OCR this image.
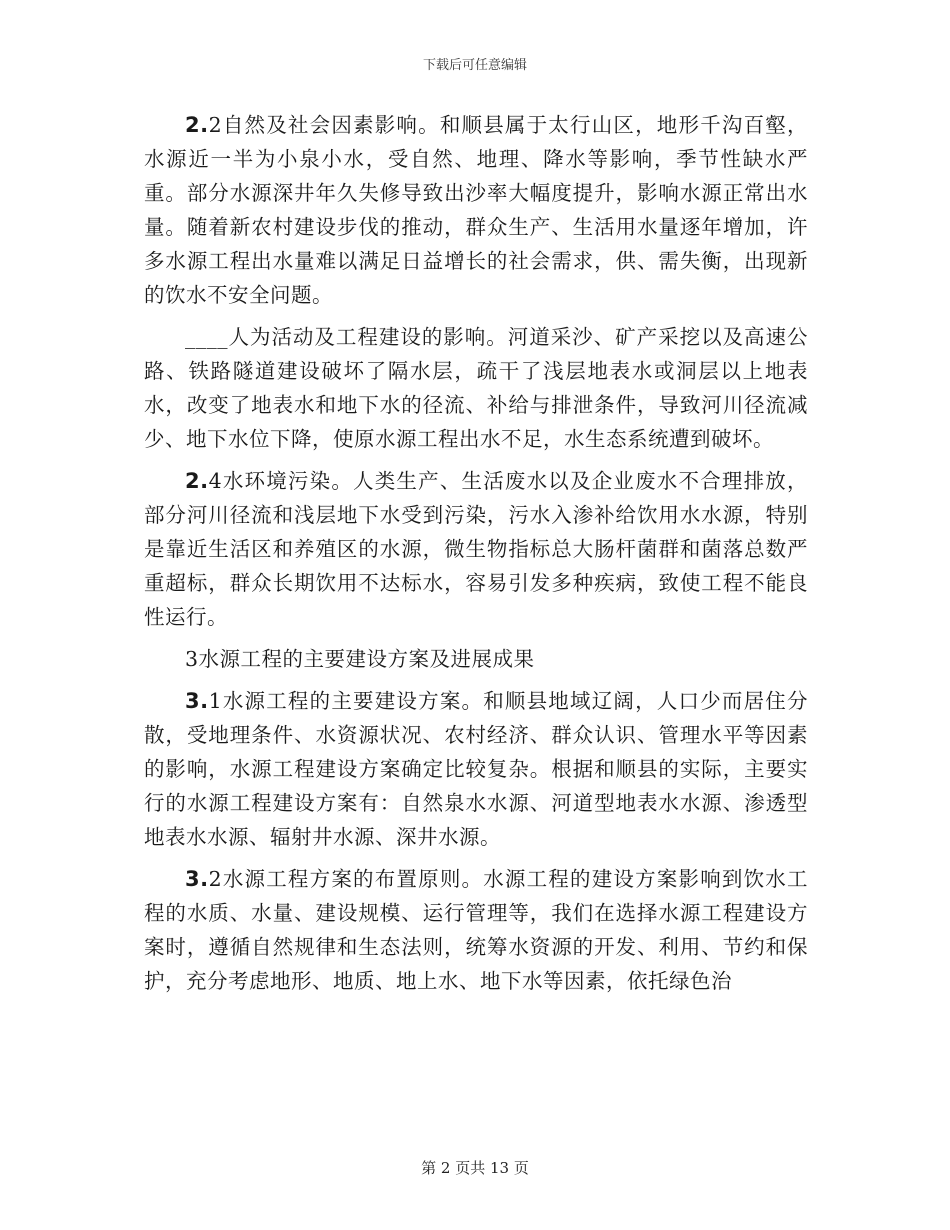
下载后可任意编辑

2.2自然及社会因素影响。和顺县属于太行山区，地形千沟百壑，水源近一半为小泉小水，受自然、地理、降水等影响，季节性缺水严重。部分水源深井年久失修导致出沙率大幅度提升，影响水源正常出水量。随着新农村建设步伐的推动，群众生产、生活用水量逐年增加，许多水源工程出水量难以满足日益增长的社会需求，供、需失衡，出现新的饮水不安全问题。

____人为活动及工程建设的影响。河道采沙、矿产采挖以及高速公路、铁路隧道建设破坏了隔水层，疏干了浅层地表水或洞层以上地表水，改变了地表水和地下水的径流、补给与排泄条件，导致河川径流减少、地下水位下降，使原水源工程出水不足，水生态系统遭到破坏。

2.4水环境污染。人类生产、生活废水以及企业废水不合理排放，部分河川径流和浅层地下水受到污染，污水入渗补给饮用水水源，特别是靠近生活区和养殖区的水源，微生物指标总大肠杆菌群和菌落总数严重超标，群众长期饮用不达标水，容易引发多种疾病，致使工程不能良性运行。

3水源工程的主要建设方案及进展成果

3.1水源工程的主要建设方案。和顺县地域辽阔，人口少而居住分散，受地理条件、水资源状况、农村经济、群众认识、管理水平等因素的影响，水源工程建设方案确定比较复杂。根据和顺县的实际，主要实行的水源工程建设方案有：自然泉水水源、河道型地表水水源、渗透型地表水水源、辐射井水源、深井水源。

3.2水源工程方案的布置原则。水源工程的建设方案影响到饮水工程的水质、水量、建设规模、运行管理等，我们在选择水源工程建设方案时，遵循自然规律和生态法则，统筹水资源的开发、利用、节约和保护，充分考虑地形、地质、地上水、地下水等因素，依托绿色治

第 2 页共 13 页
